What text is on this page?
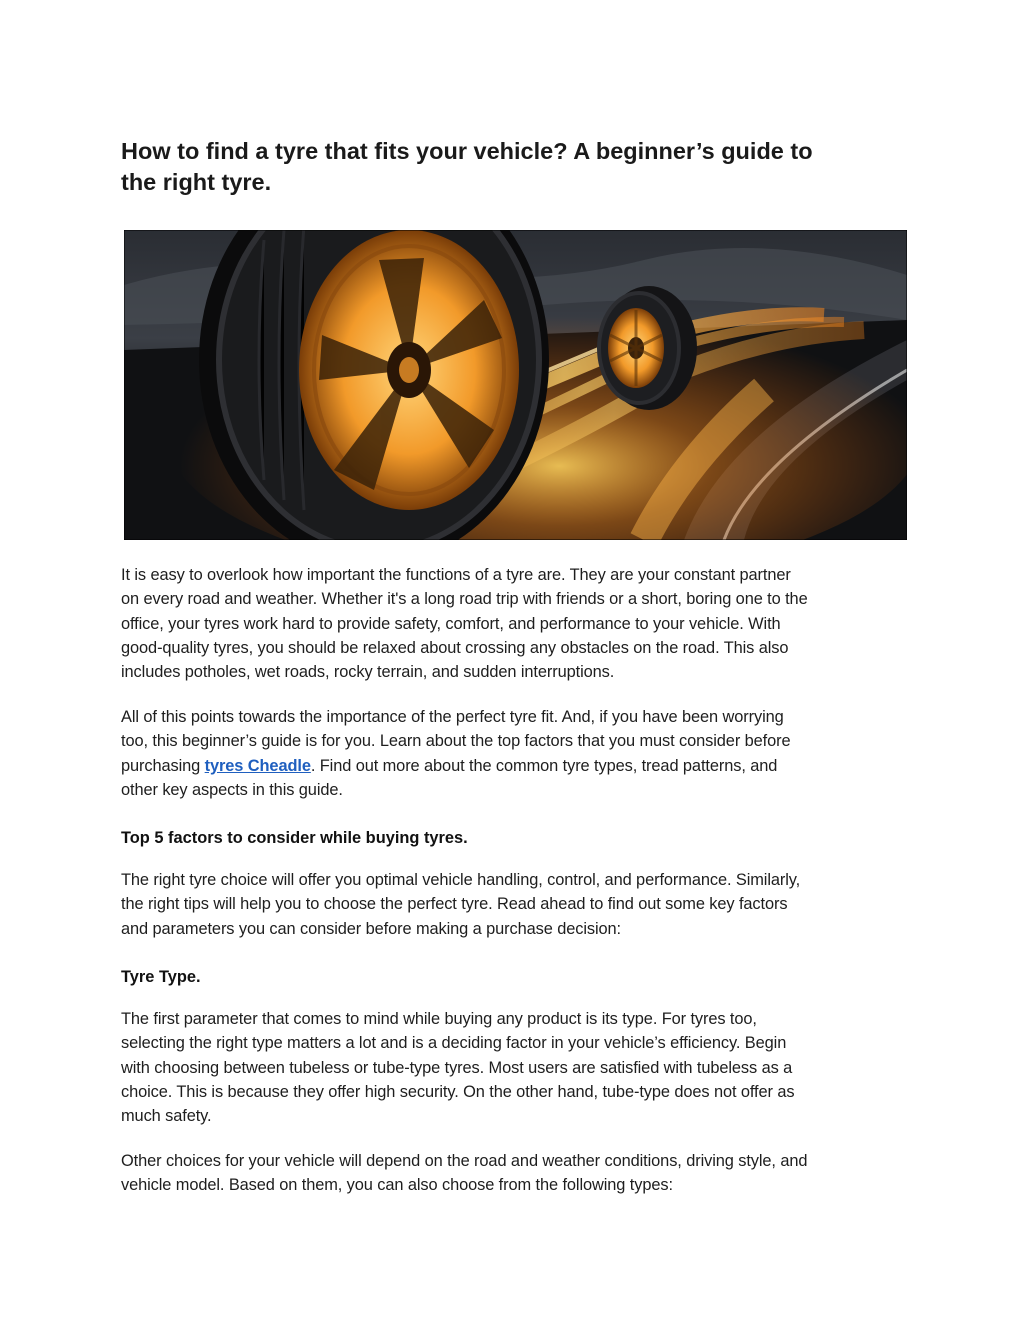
How to find a tyre that fits your vehicle? A beginner’s guide to
the right tyre.

It is easy to overlook how important the functions of a tyre are. They are your constant partner
on every road and weather. Whether it's a long road trip with friends or a short, boring one to the
office, your tyres work hard to provide safety, comfort, and performance to your vehicle. With
good-quality tyres, you should be relaxed about crossing any obstacles on the road. This also
includes potholes, wet roads, rocky terrain, and sudden interruptions.

All of this points towards the importance of the perfect tyre fit. And, if you have been worrying
too, this beginner’s guide is for you. Learn about the top factors that you must consider before
purchasing tyres Cheadle. Find out more about the common tyre types, tread patterns, and
other key aspects in this guide.

Top 5 factors to consider while buying tyres.

The right tyre choice will offer you optimal vehicle handling, control, and performance. Similarly,
the right tips will help you to choose the perfect tyre. Read ahead to find out some key factors
and parameters you can consider before making a purchase decision:

Tyre Type.

The first parameter that comes to mind while buying any product is its type. For tyres too,
selecting the right type matters a lot and is a deciding factor in your vehicle’s efficiency. Begin
with choosing between tubeless or tube-type tyres. Most users are satisfied with tubeless as a
choice. This is because they offer high security. On the other hand, tube-type does not offer as
much safety.

Other choices for your vehicle will depend on the road and weather conditions, driving style, and
vehicle model. Based on them, you can also choose from the following types:
